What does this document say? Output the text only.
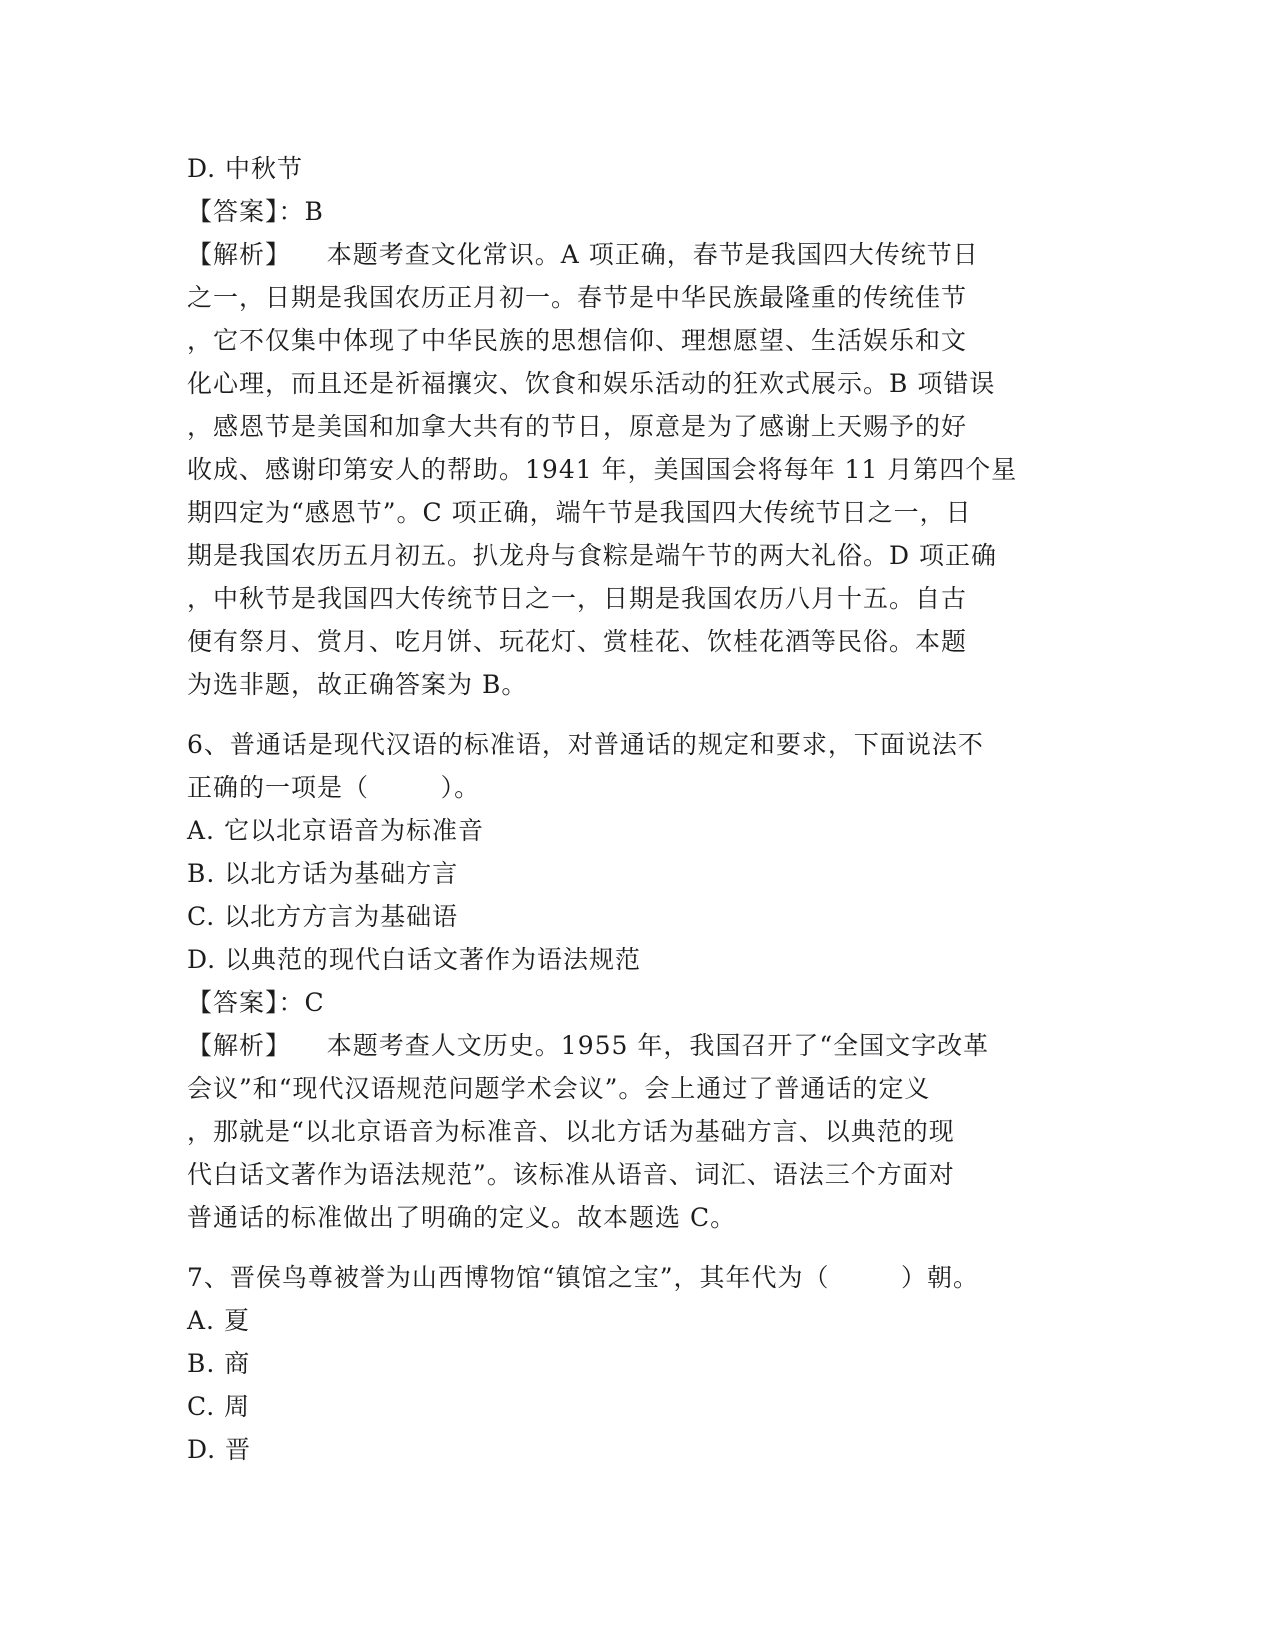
D. 中秋节
【答案】：B
【解析】    本题考查文化常识。A 项正确，春节是我国四大传统节日
之一，日期是我国农历正月初一。春节是中华民族最隆重的传统佳节
，它不仅集中体现了中华民族的思想信仰、理想愿望、生活娱乐和文
化心理，而且还是祈福攘灾、饮食和娱乐活动的狂欢式展示。B 项错误
，感恩节是美国和加拿大共有的节日，原意是为了感谢上天赐予的好
收成、感谢印第安人的帮助。1941 年，美国国会将每年 11 月第四个星
期四定为“感恩节”。C 项正确，端午节是我国四大传统节日之一，日
期是我国农历五月初五。扒龙舟与食粽是端午节的两大礼俗。D 项正确
，中秋节是我国四大传统节日之一，日期是我国农历八月十五。自古
便有祭月、赏月、吃月饼、玩花灯、赏桂花、饮桂花酒等民俗。本题
为选非题，故正确答案为 B。
6、普通话是现代汉语的标准语，对普通话的规定和要求，下面说法不
正确的一项是（        ）。
A. 它以北京语音为标准音
B. 以北方话为基础方言
C. 以北方方言为基础语
D. 以典范的现代白话文著作为语法规范
【答案】：C
【解析】    本题考查人文历史。1955 年，我国召开了“全国文字改革
会议”和“现代汉语规范问题学术会议”。会上通过了普通话的定义
，那就是“以北京语音为标准音、以北方话为基础方言、以典范的现
代白话文著作为语法规范”。该标准从语音、词汇、语法三个方面对
普通话的标准做出了明确的定义。故本题选 C。
7、晋侯鸟尊被誉为山西博物馆“镇馆之宝”，其年代为（        ）朝。
A. 夏
B. 商
C. 周
D. 晋
